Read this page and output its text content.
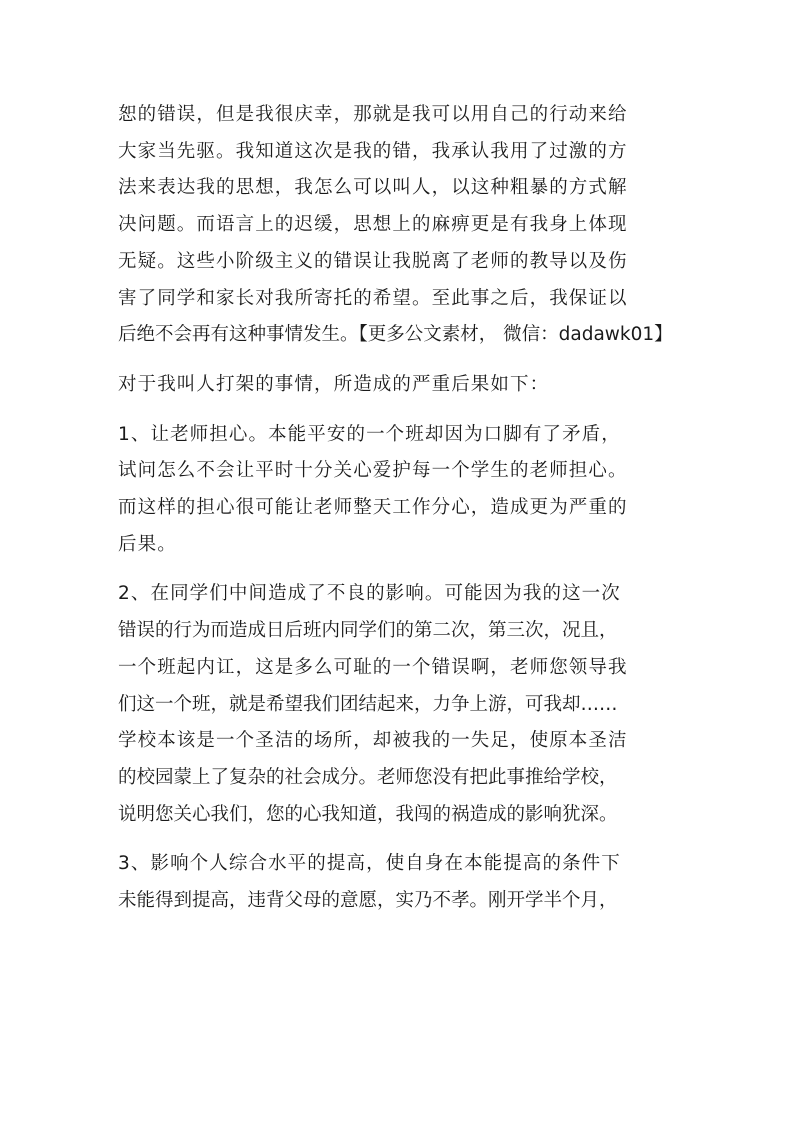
恕的错误，但是我很庆幸，那就是我可以用自己的行动来给
大家当先驱。我知道这次是我的错，我承认我用了过激的方
法来表达我的思想，我怎么可以叫人，以这种粗暴的方式解
决问题。而语言上的迟缓，思想上的麻痹更是有我身上体现
无疑。这些小阶级主义的错误让我脱离了老师的教导以及伤
害了同学和家长对我所寄托的希望。至此事之后，我保证以
后绝不会再有这种事情发生。【更多公文素材， 微信：dadawk01】

对于我叫人打架的事情，所造成的严重后果如下：

1、让老师担心。本能平安的一个班却因为口脚有了矛盾，
试问怎么不会让平时十分关心爱护每一个学生的老师担心。
而这样的担心很可能让老师整天工作分心，造成更为严重的
后果。

2、在同学们中间造成了不良的影响。可能因为我的这一次
错误的行为而造成日后班内同学们的第二次，第三次，况且，
一个班起内讧，这是多么可耻的一个错误啊，老师您领导我
们这一个班，就是希望我们团结起来，力争上游，可我却……
学校本该是一个圣洁的场所，却被我的一失足，使原本圣洁
的校园蒙上了复杂的社会成分。老师您没有把此事推给学校，
说明您关心我们，您的心我知道，我闯的祸造成的影响犹深。

3、影响个人综合水平的提高，使自身在本能提高的条件下
未能得到提高，违背父母的意愿，实乃不孝。刚开学半个月，
